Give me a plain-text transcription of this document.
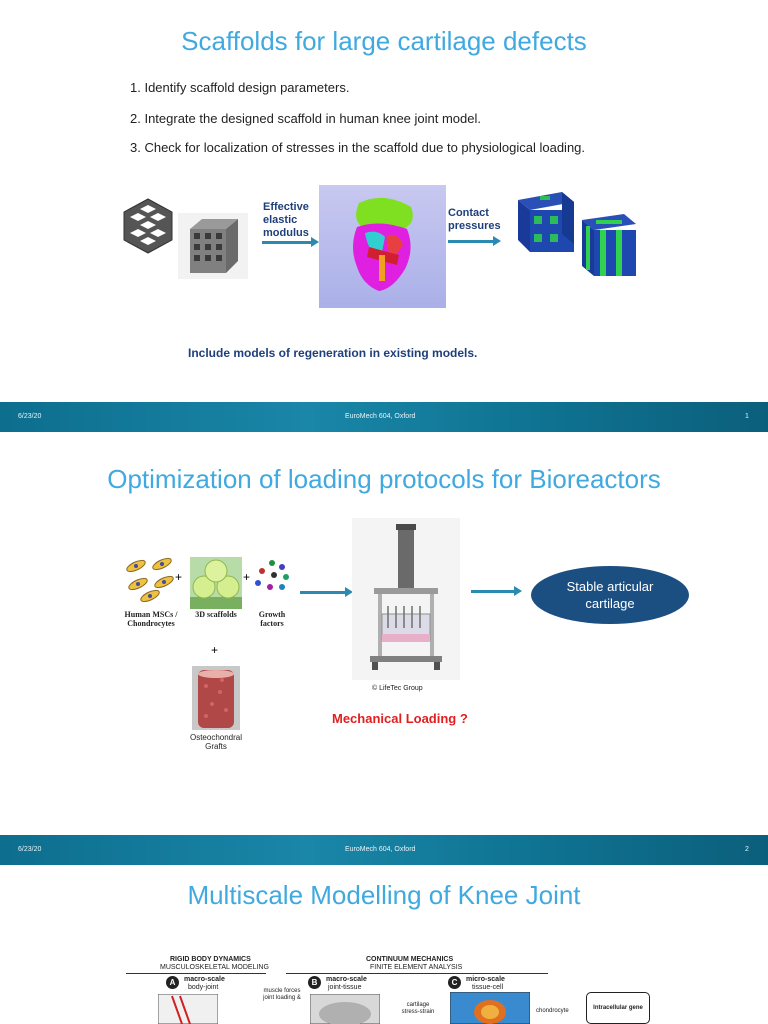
Scaffolds for large cartilage defects
1. Identify scaffold design parameters.
2. Integrate the designed scaffold in human knee joint model.
3. Check for localization of stresses in the scaffold due to physiological loading.
Effective elastic modulus
Contact pressures
Include models of regeneration in existing models.
6/23/20	EuroMech 604, Oxford	1
Optimization of loading protocols for Bioreactors
Human MSCs / Chondrocytes
+
3D scaffolds
+
Growth factors
+
Osteochondral Grafts
© LifeTec Group
Stable articular cartilage
Mechanical Loading ?
6/23/20	EuroMech 604, Oxford	2
Multiscale Modelling of Knee Joint
RIGID BODY DYNAMICS
MUSCULOSKELETAL MODELING
CONTINUUM MECHANICS
FINITE ELEMENT ANALYSIS
A	macro-scale
body-joint
B	macro-scale
joint-tissue
C	micro-scale
tissue-cell
muscle forces joint loading &
cartilage stress-strain	chondrocyte	Intracellular gene
